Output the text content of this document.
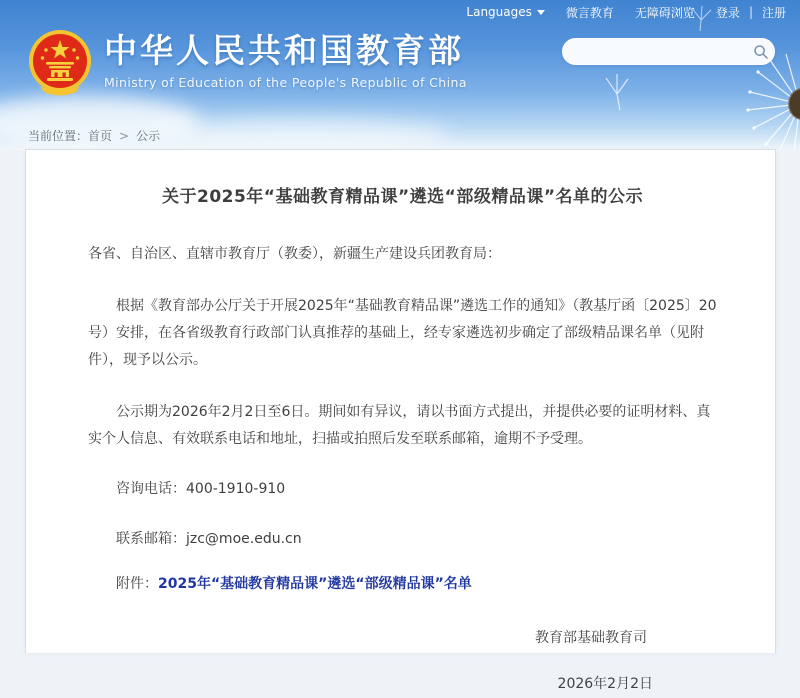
Languages	微言教育 无障碍浏览 登录 | 注册
中华人民共和国教育部
Ministry of Education of the People's Republic of China
当前位置：首页 > 公示
关于2025年“基础教育精品课”遴选“部级精品课”名单的公示

各省、自治区、直辖市教育厅（教委），新疆生产建设兵团教育局：

根据《教育部办公厅关于开展2025年“基础教育精品课”遴选工作的通知》（教基厅函〔2025〕20号）安排，在各省级教育行政部门认真推荐的基础上，经专家遴选初步确定了部级精品课名单（见附件），现予以公示。

公示期为2026年2月2日至6日。期间如有异议，请以书面方式提出，并提供必要的证明材料、真实个人信息、有效联系电话和地址，扫描或拍照后发至联系邮箱，逾期不予受理。

咨询电话：400-1910-910

联系邮箱：jzc@moe.edu.cn

附件：2025年“基础教育精品课”遴选“部级精品课”名单

教育部基础教育司

2026年2月2日
